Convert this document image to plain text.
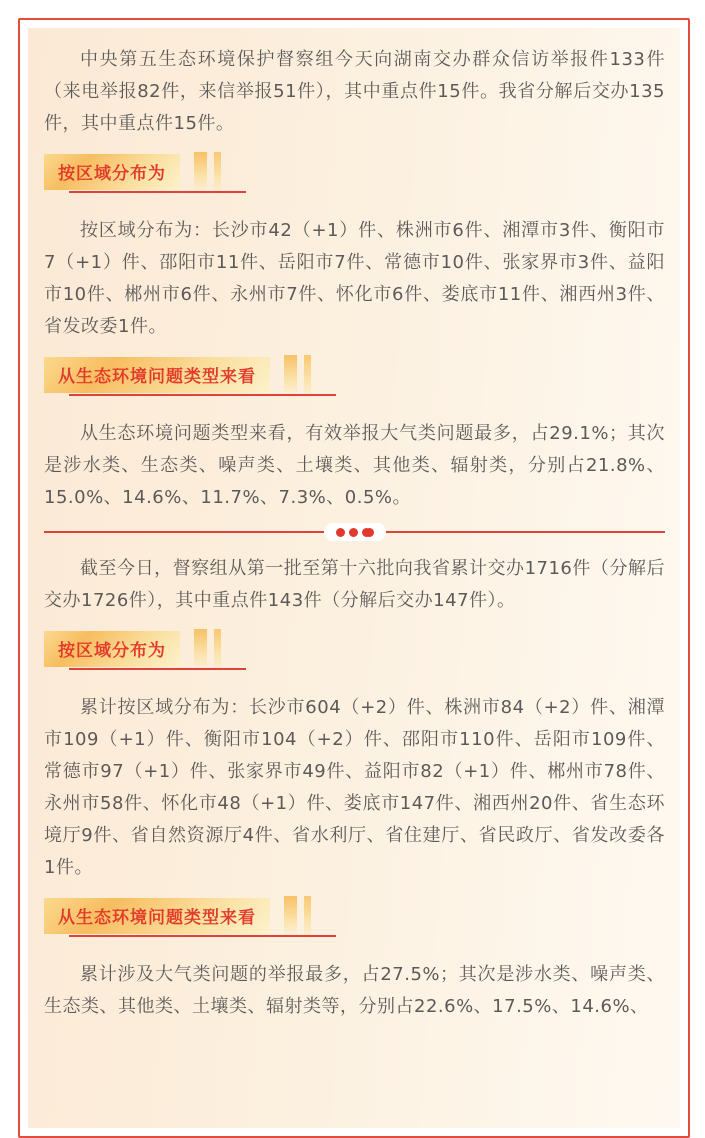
中央第五生态环境保护督察组今天向湖南交办群众信访举报件133件（来电举报82件，来信举报51件），其中重点件15件。我省分解后交办135件，其中重点件15件。

按区域分布为

按区域分布为：长沙市42（+1）件、株洲市6件、湘潭市3件、衡阳市7（+1）件、邵阳市11件、岳阳市7件、常德市10件、张家界市3件、益阳市10件、郴州市6件、永州市7件、怀化市6件、娄底市11件、湘西州3件、省发改委1件。

从生态环境问题类型来看

从生态环境问题类型来看，有效举报大气类问题最多，占29.1%；其次是涉水类、生态类、噪声类、土壤类、其他类、辐射类，分别占21.8%、15.0%、14.6%、11.7%、7.3%、0.5%。

截至今日，督察组从第一批至第十六批向我省累计交办1716件（分解后交办1726件），其中重点件143件（分解后交办147件）。

按区域分布为

累计按区域分布为：长沙市604（+2）件、株洲市84（+2）件、湘潭市109（+1）件、衡阳市104（+2）件、邵阳市110件、岳阳市109件、常德市97（+1）件、张家界市49件、益阳市82（+1）件、郴州市78件、永州市58件、怀化市48（+1）件、娄底市147件、湘西州20件、省生态环境厅9件、省自然资源厅4件、省水利厅、省住建厅、省民政厅、省发改委各1件。

从生态环境问题类型来看

累计涉及大气类问题的举报最多，占27.5%；其次是涉水类、噪声类、生态类、其他类、土壤类、辐射类等，分别占22.6%、17.5%、14.6%、
